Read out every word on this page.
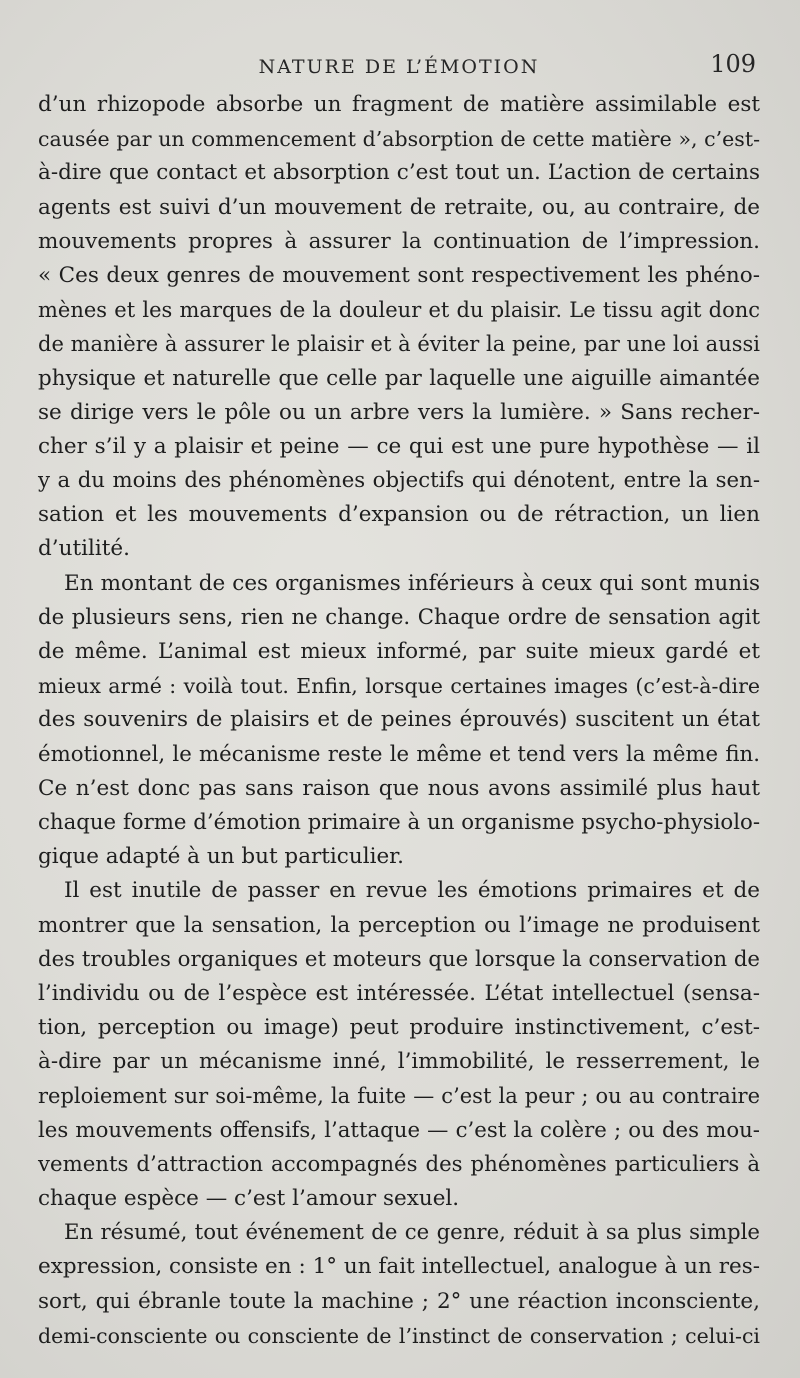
NATURE DE L’ÉMOTION	109
d’un rhizopode absorbe un fragment de matière assimilable est
causée par un commencement d’absorption de cette matière », c’est-
à-dire que contact et absorption c’est tout un. L’action de certains
agents est suivi d’un mouvement de retraite, ou, au contraire, de
mouvements propres à assurer la continuation de l’impression.
« Ces deux genres de mouvement sont respectivement les phéno-
mènes et les marques de la douleur et du plaisir. Le tissu agit donc
de manière à assurer le plaisir et à éviter la peine, par une loi aussi
physique et naturelle que celle par laquelle une aiguille aimantée
se dirige vers le pôle ou un arbre vers la lumière. » Sans recher-
cher s’il y a plaisir et peine — ce qui est une pure hypothèse — il
y a du moins des phénomènes objectifs qui dénotent, entre la sen-
sation et les mouvements d’expansion ou de rétraction, un lien
d’utilité.
En montant de ces organismes inférieurs à ceux qui sont munis
de plusieurs sens, rien ne change. Chaque ordre de sensation agit
de même. L’animal est mieux informé, par suite mieux gardé et
mieux armé : voilà tout. Enfin, lorsque certaines images (c’est-à-dire
des souvenirs de plaisirs et de peines éprouvés) suscitent un état
émotionnel, le mécanisme reste le même et tend vers la même fin.
Ce n’est donc pas sans raison que nous avons assimilé plus haut
chaque forme d’émotion primaire à un organisme psycho-physiolo-
gique adapté à un but particulier.
Il est inutile de passer en revue les émotions primaires et de
montrer que la sensation, la perception ou l’image ne produisent
des troubles organiques et moteurs que lorsque la conservation de
l’individu ou de l’espèce est intéressée. L’état intellectuel (sensa-
tion, perception ou image) peut produire instinctivement, c’est-
à-dire par un mécanisme inné, l’immobilité, le resserrement, le
reploiement sur soi-même, la fuite — c’est la peur ; ou au contraire
les mouvements offensifs, l’attaque — c’est la colère ; ou des mou-
vements d’attraction accompagnés des phénomènes particuliers à
chaque espèce — c’est l’amour sexuel.
En résumé, tout événement de ce genre, réduit à sa plus simple
expression, consiste en : 1° un fait intellectuel, analogue à un res-
sort, qui ébranle toute la machine ; 2° une réaction inconsciente,
demi-consciente ou consciente de l’instinct de conservation ; celui-ci
